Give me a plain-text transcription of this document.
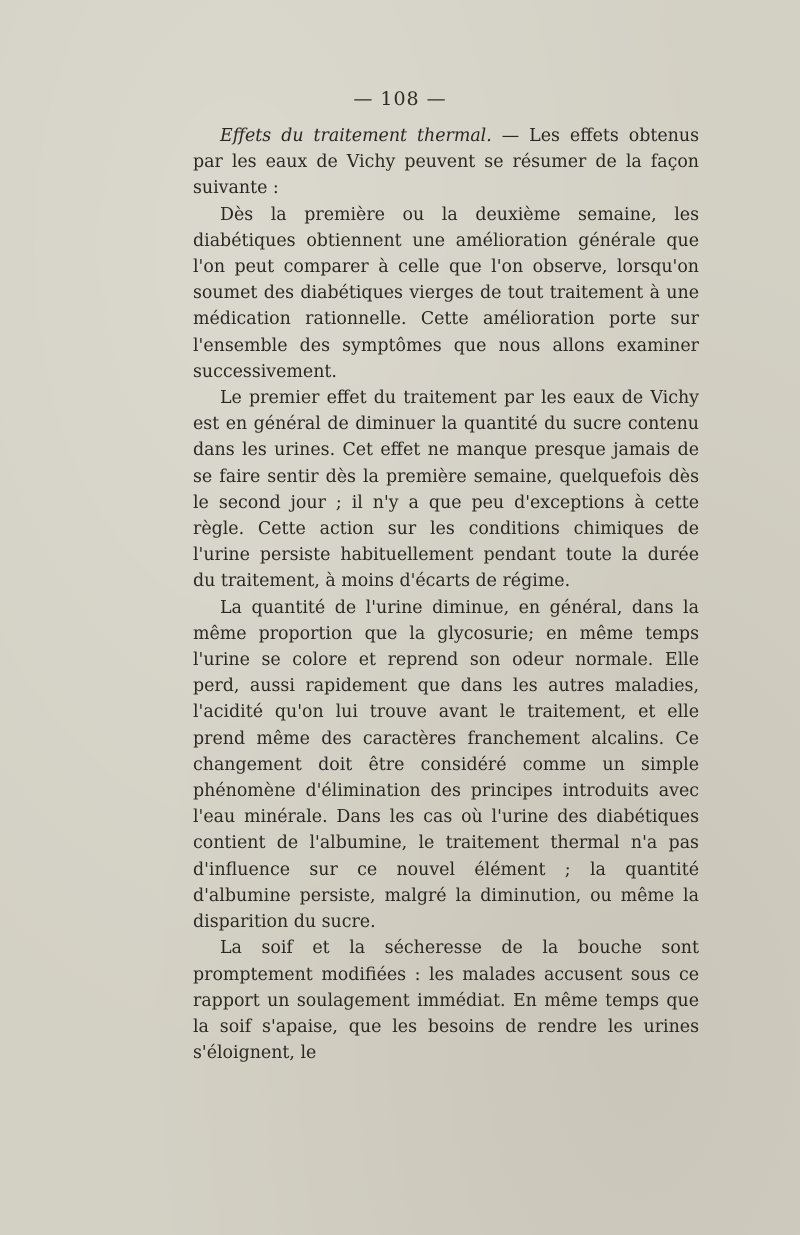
— 108 —

Effets du traitement thermal. — Les effets obtenus par les eaux de Vichy peuvent se résumer de la façon suivante :

Dès la première ou la deuxième semaine, les diabétiques obtiennent une amélioration générale que l'on peut comparer à celle que l'on observe, lorsqu'on soumet des diabétiques vierges de tout traitement à une médication rationnelle. Cette amélioration porte sur l'ensemble des symptômes que nous allons examiner successivement.

Le premier effet du traitement par les eaux de Vichy est en général de diminuer la quantité du sucre contenu dans les urines. Cet effet ne manque presque jamais de se faire sentir dès la première semaine, quelquefois dès le second jour ; il n'y a que peu d'exceptions à cette règle. Cette action sur les conditions chimiques de l'urine persiste habituellement pendant toute la durée du traitement, à moins d'écarts de régime.

La quantité de l'urine diminue, en général, dans la même proportion que la glycosurie; en même temps l'urine se colore et reprend son odeur normale. Elle perd, aussi rapidement que dans les autres maladies, l'acidité qu'on lui trouve avant le traitement, et elle prend même des caractères franchement alcalins. Ce changement doit être considéré comme un simple phénomène d'élimination des principes introduits avec l'eau minérale. Dans les cas où l'urine des diabétiques contient de l'albumine, le traitement thermal n'a pas d'influence sur ce nouvel élément ; la quantité d'albumine persiste, malgré la diminution, ou même la disparition du sucre.

La soif et la sécheresse de la bouche sont promptement modifiées : les malades accusent sous ce rapport un soulagement immédiat. En même temps que la soif s'apaise, que les besoins de rendre les urines s'éloignent, le
